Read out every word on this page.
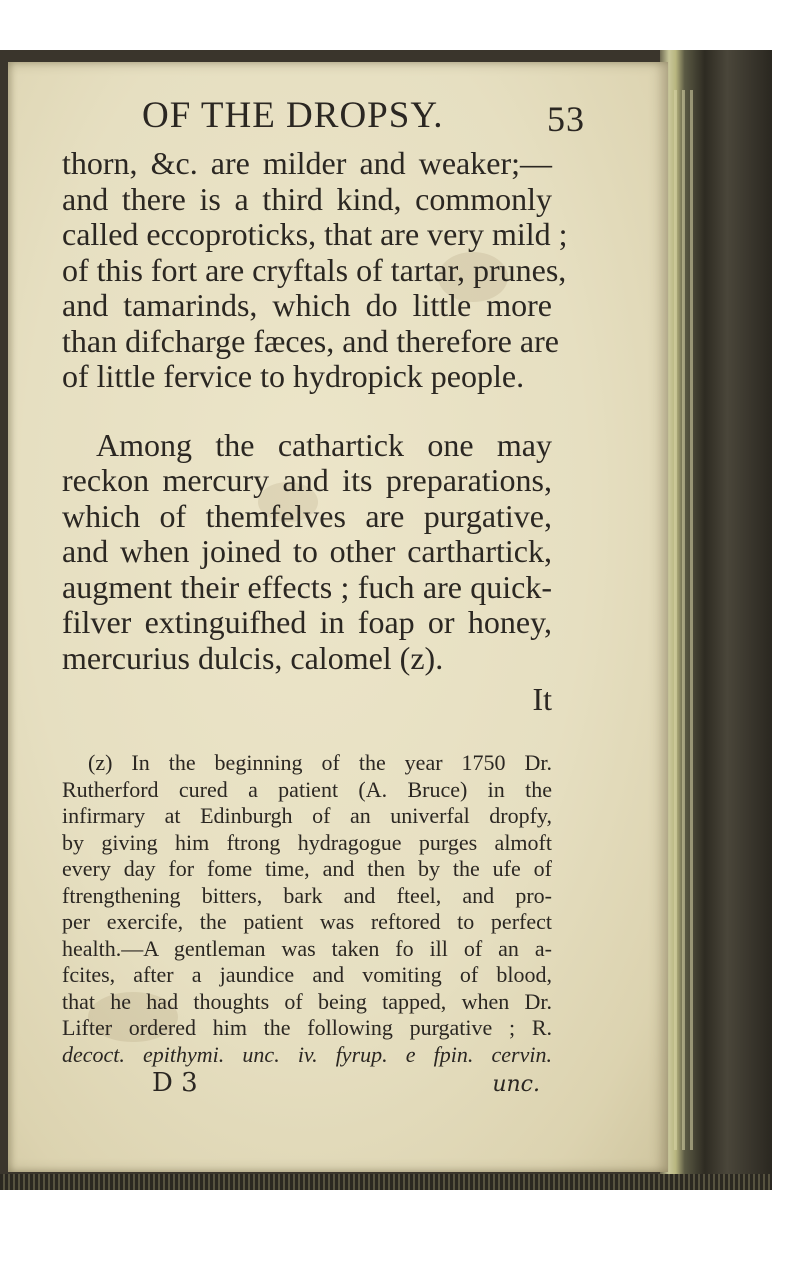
OF THE DROPSY.	53
thorn, &c. are milder and weaker;—
and there is a third kind, commonly
called eccoproticks, that are very mild ;
of this fort are cryftals of tartar, prunes,
and tamarinds, which do little more
than difcharge fæces, and therefore are
of little fervice to hydropick people.
Among the cathartick one may
reckon mercury and its preparations,
which of themfelves are purgative,
and when joined to other carthartick,
augment their effects ; fuch are quick-
filver extinguifhed in foap or honey,
mercurius dulcis, calomel (z).
It
(z) In the beginning of the year 1750 Dr.
Rutherford cured a patient (A. Bruce) in the
infirmary at Edinburgh of an univerfal dropfy,
by giving him ftrong hydragogue purges almoft
every day for fome time, and then by the ufe of
ftrengthening bitters, bark and fteel, and pro-
per exercife, the patient was reftored to perfect
health.—A gentleman was taken fo ill of an a-
fcites, after a jaundice and vomiting of blood,
that he had thoughts of being tapped, when Dr.
Lifter ordered him the following purgative ; R.
decoct. epithymi. unc. iv. fyrup. e fpin. cervin.
D 3	unc.
